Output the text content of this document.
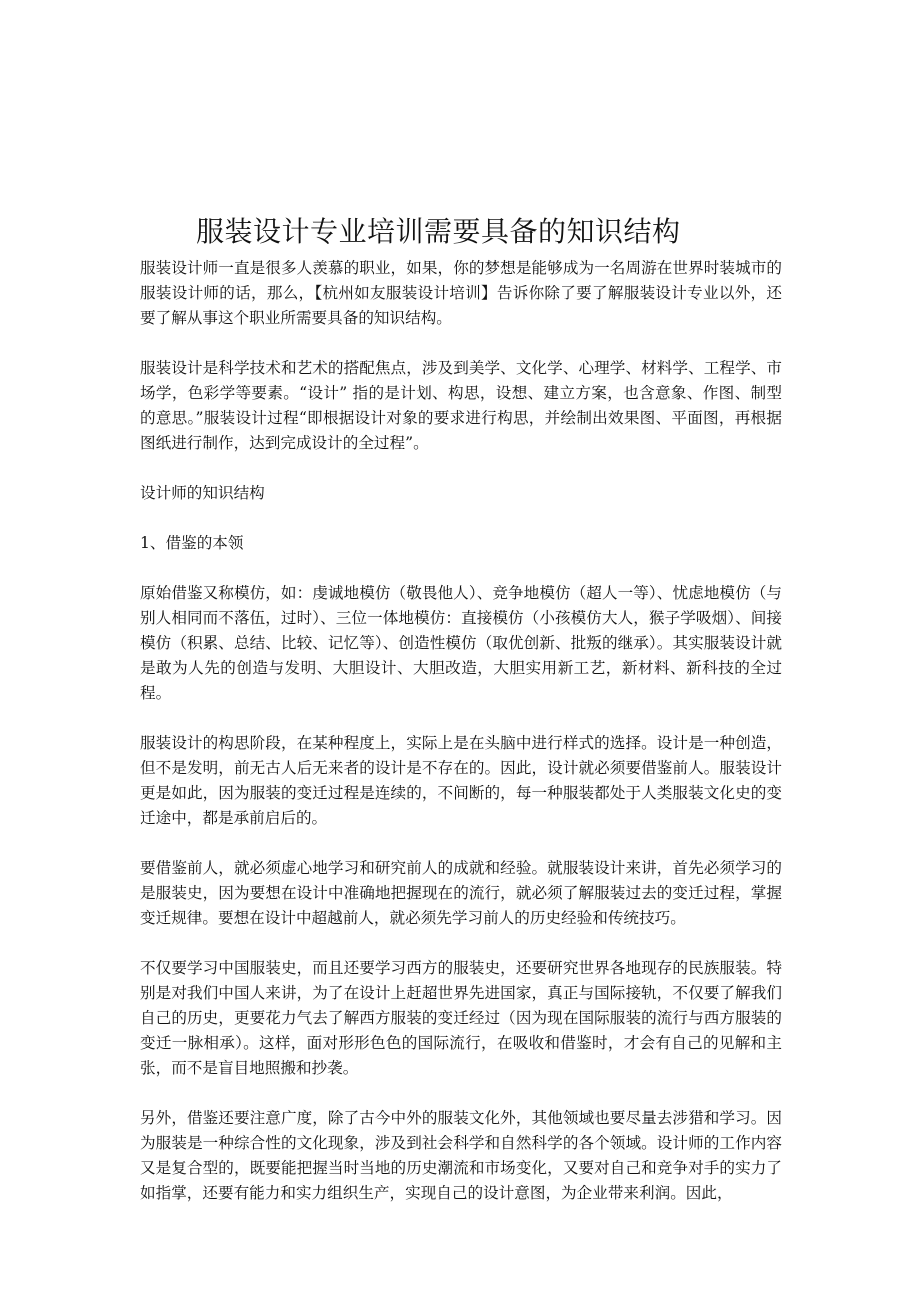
服装设计专业培训需要具备的知识结构

服装设计师一直是很多人羡慕的职业，如果，你的梦想是能够成为一名周游在世界时装城市的服装设计师的话，那么，【杭州如友服装设计培训】告诉你除了要了解服装设计专业以外，还要了解从事这个职业所需要具备的知识结构。

服装设计是科学技术和艺术的搭配焦点，涉及到美学、文化学、心理学、材料学、工程学、市场学，色彩学等要素。“设计” 指的是计划、构思，设想、建立方案，也含意象、作图、制型的意思。”服装设计过程“即根据设计对象的要求进行构思，并绘制出效果图、平面图，再根据图纸进行制作，达到完成设计的全过程”。

设计师的知识结构

1、借鉴的本领

原始借鉴又称模仿，如：虔诚地模仿（敬畏他人）、竞争地模仿（超人一等）、忧虑地模仿（与别人相同而不落伍，过时）、三位一体地模仿：直接模仿（小孩模仿大人，猴子学吸烟）、间接模仿（积累、总结、比较、记忆等）、创造性模仿（取优创新、批叛的继承）。其实服装设计就是敢为人先的创造与发明、大胆设计、大胆改造，大胆实用新工艺，新材料、新科技的全过程。

服装设计的构思阶段，在某种程度上，实际上是在头脑中进行样式的选择。设计是一种创造，但不是发明，前无古人后无来者的设计是不存在的。因此，设计就必须要借鉴前人。服装设计更是如此，因为服装的变迁过程是连续的，不间断的，每一种服装都处于人类服装文化史的变迁途中，都是承前启后的。

要借鉴前人，就必须虚心地学习和研究前人的成就和经验。就服装设计来讲，首先必须学习的是服装史，因为要想在设计中准确地把握现在的流行，就必须了解服装过去的变迁过程，掌握变迁规律。要想在设计中超越前人，就必须先学习前人的历史经验和传统技巧。

不仅要学习中国服装史，而且还要学习西方的服装史，还要研究世界各地现存的民族服装。特别是对我们中国人来讲，为了在设计上赶超世界先进国家，真正与国际接轨，不仅要了解我们自己的历史，更要花力气去了解西方服装的变迁经过（因为现在国际服装的流行与西方服装的变迁一脉相承）。这样，面对形形色色的国际流行，在吸收和借鉴时，才会有自己的见解和主张，而不是盲目地照搬和抄袭。

另外，借鉴还要注意广度，除了古今中外的服装文化外，其他领域也要尽量去涉猎和学习。因为服装是一种综合性的文化现象，涉及到社会科学和自然科学的各个领域。设计师的工作内容又是复合型的，既要能把握当时当地的历史潮流和市场变化，又要对自己和竞争对手的实力了如指掌，还要有能力和实力组织生产，实现自己的设计意图，为企业带来利润。因此，
